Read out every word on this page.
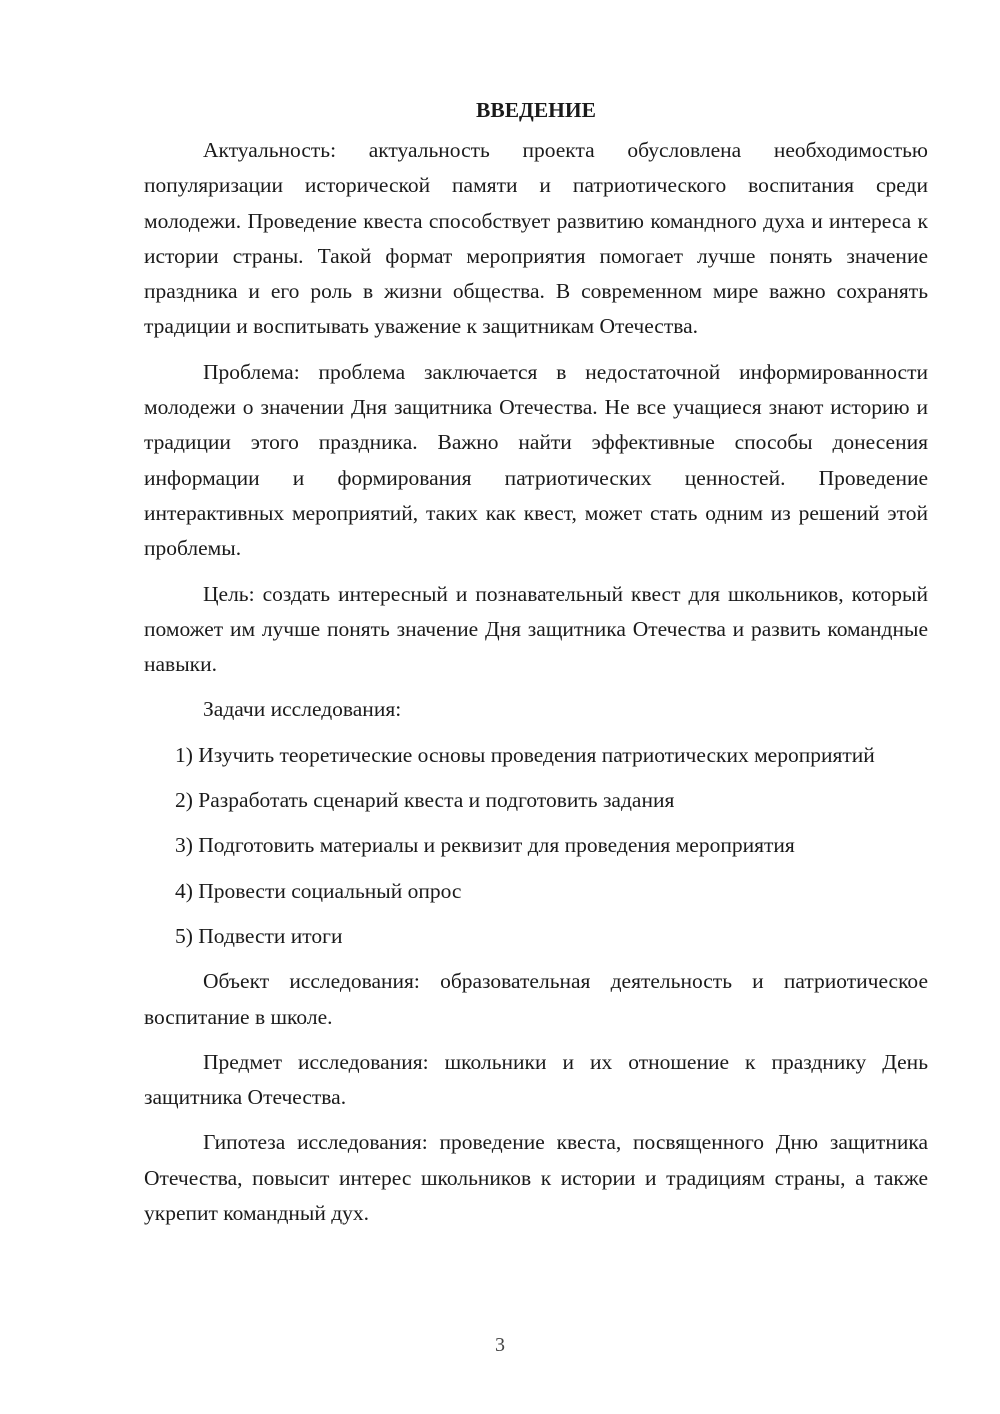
ВВЕДЕНИЕ

Актуальность: актуальность проекта обусловлена необходимостью популяризации исторической памяти и патриотического воспитания среди молодежи. Проведение квеста способствует развитию командного духа и интереса к истории страны. Такой формат мероприятия помогает лучше понять значение праздника и его роль в жизни общества. В современном мире важно сохранять традиции и воспитывать уважение к защитникам Отечества.

Проблема: проблема заключается в недостаточной информированности молодежи о значении Дня защитника Отечества. Не все учащиеся знают историю и традиции этого праздника. Важно найти эффективные способы донесения информации и формирования патриотических ценностей. Проведение интерактивных мероприятий, таких как квест, может стать одним из решений этой проблемы.

Цель: создать интересный и познавательный квест для школьников, который поможет им лучше понять значение Дня защитника Отечества и развить командные навыки.

Задачи исследования:

1) Изучить теоретические основы проведения патриотических мероприятий

2) Разработать сценарий квеста и подготовить задания

3) Подготовить материалы и реквизит для проведения мероприятия

4) Провести социальный опрос

5) Подвести итоги

Объект исследования: образовательная деятельность и патриотическое воспитание в школе.

Предмет исследования: школьники и их отношение к празднику День защитника Отечества.

Гипотеза исследования: проведение квеста, посвященного Дню защитника Отечества, повысит интерес школьников к истории и традициям страны, а также укрепит командный дух.

3
